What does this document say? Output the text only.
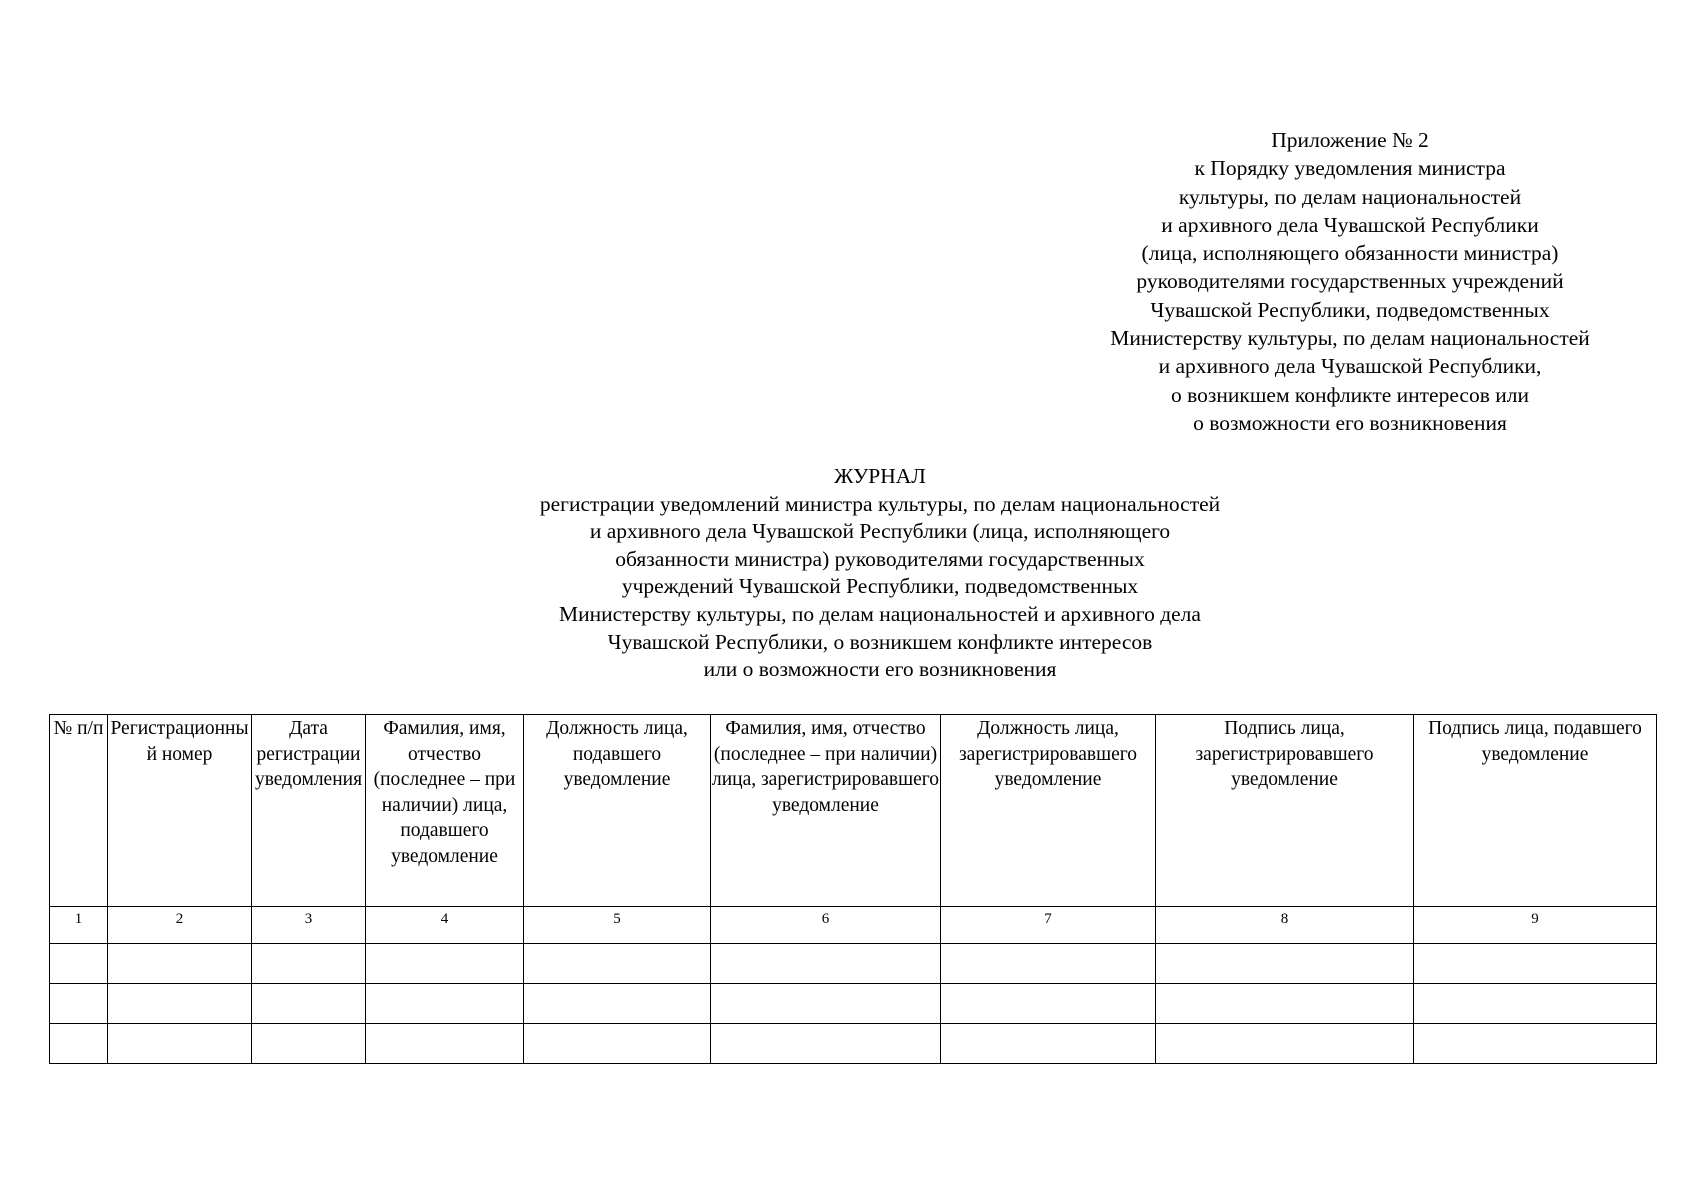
Приложение № 2
к Порядку уведомления министра
культуры, по делам национальностей
и архивного дела Чувашской Республики
(лица, исполняющего обязанности министра)
руководителями государственных учреждений
Чувашской Республики, подведомственных
Министерству культуры, по делам национальностей
и архивного дела Чувашской Республики,
о возникшем конфликте интересов или
о возможности его возникновения
ЖУРНАЛ
регистрации уведомлений министра культуры, по делам национальностей
и архивного дела Чувашской Республики (лица, исполняющего
обязанности министра) руководителями государственных
учреждений Чувашской Республики, подведомственных
Министерству культуры, по делам национальностей и архивного дела
Чувашской Республики, о возникшем конфликте интересов
или о возможности его возникновения
№ п/п	Регистрационный номер	Дата регистрации уведомления	Фамилия, имя, отчество (последнее – при наличии) лица, подавшего уведомление	Должность лица, подавшего уведомление	Фамилия, имя, отчество (последнее – при наличии) лица, зарегистрировавшего уведомление	Должность лица, зарегистрировавшего уведомление	Подпись лица, зарегистрировавшего уведомление	Подпись лица, подавшего уведомление
1	2	3	4	5	6	7	8	9
